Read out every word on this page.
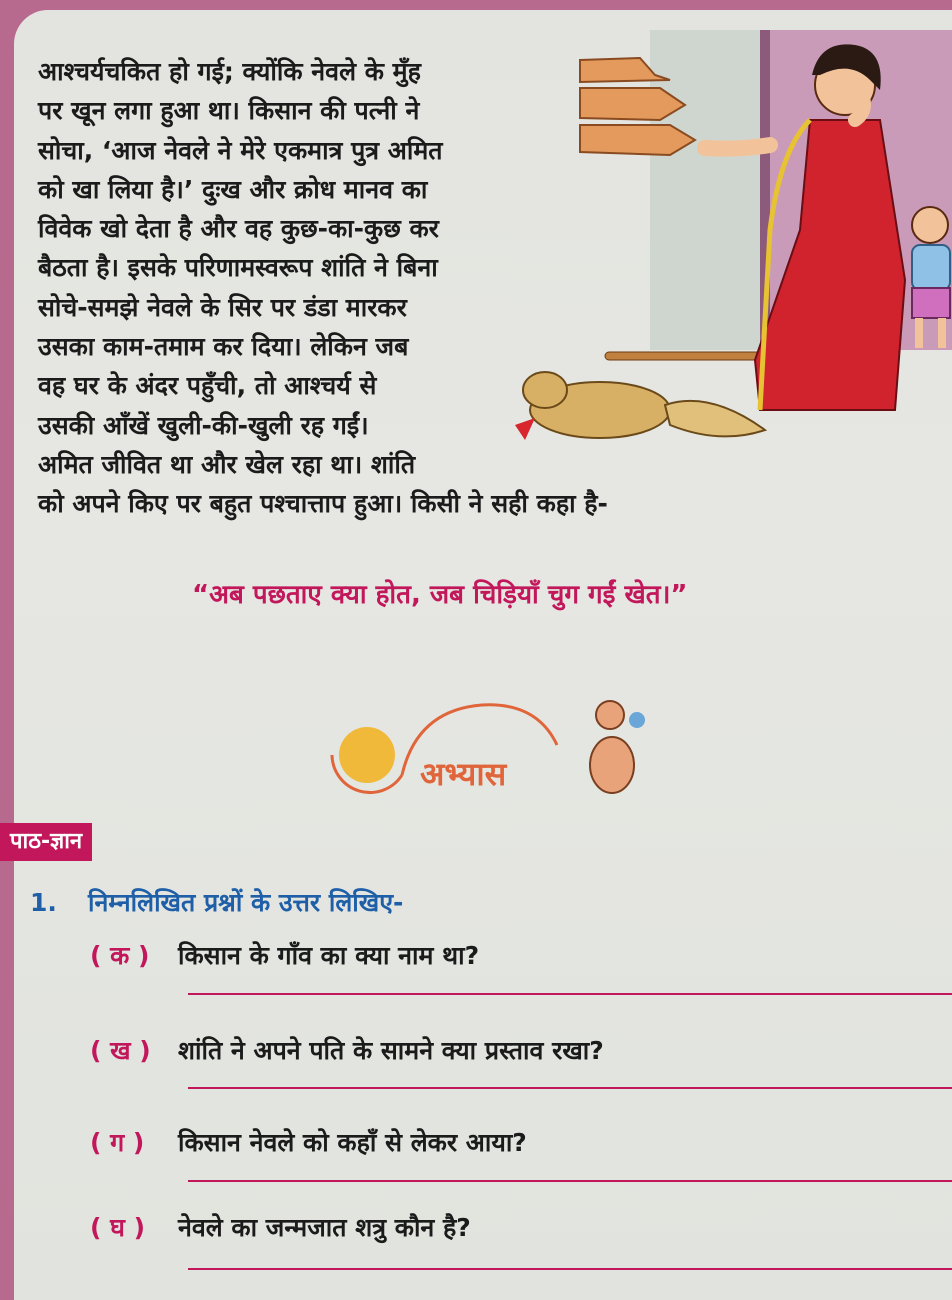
आश्चर्यचकित हो गई; क्योंकि नेवले के मुँह
पर खून लगा हुआ था। किसान की पत्नी ने
सोचा, ‘आज नेवले ने मेरे एकमात्र पुत्र अमित
को खा लिया है।’ दुःख और क्रोध मानव का
विवेक खो देता है और वह कुछ-का-कुछ कर
बैठता है। इसके परिणामस्वरूप शांति ने बिना
सोचे-समझे नेवले के सिर पर डंडा मारकर
उसका काम-तमाम कर दिया। लेकिन जब
वह घर के अंदर पहुँची, तो आश्चर्य से
उसकी आँखें खुली-की-खुली रह गईं।
अमित जीवित था और खेल रहा था। शांति
को अपने किए पर बहुत पश्चात्ताप हुआ। किसी ने सही कहा है-
“अब पछताए क्या होत, जब चिड़ियाँ चुग गईं खेत।”
अभ्यास
पाठ-ज्ञान
1. निम्नलिखित प्रश्नों के उत्तर लिखिए-
( क ) किसान के गाँव का क्या नाम था?
( ख ) शांति ने अपने पति के सामने क्या प्रस्ताव रखा?
( ग ) किसान नेवले को कहाँ से लेकर आया?
( घ ) नेवले का जन्मजात शत्रु कौन है?
